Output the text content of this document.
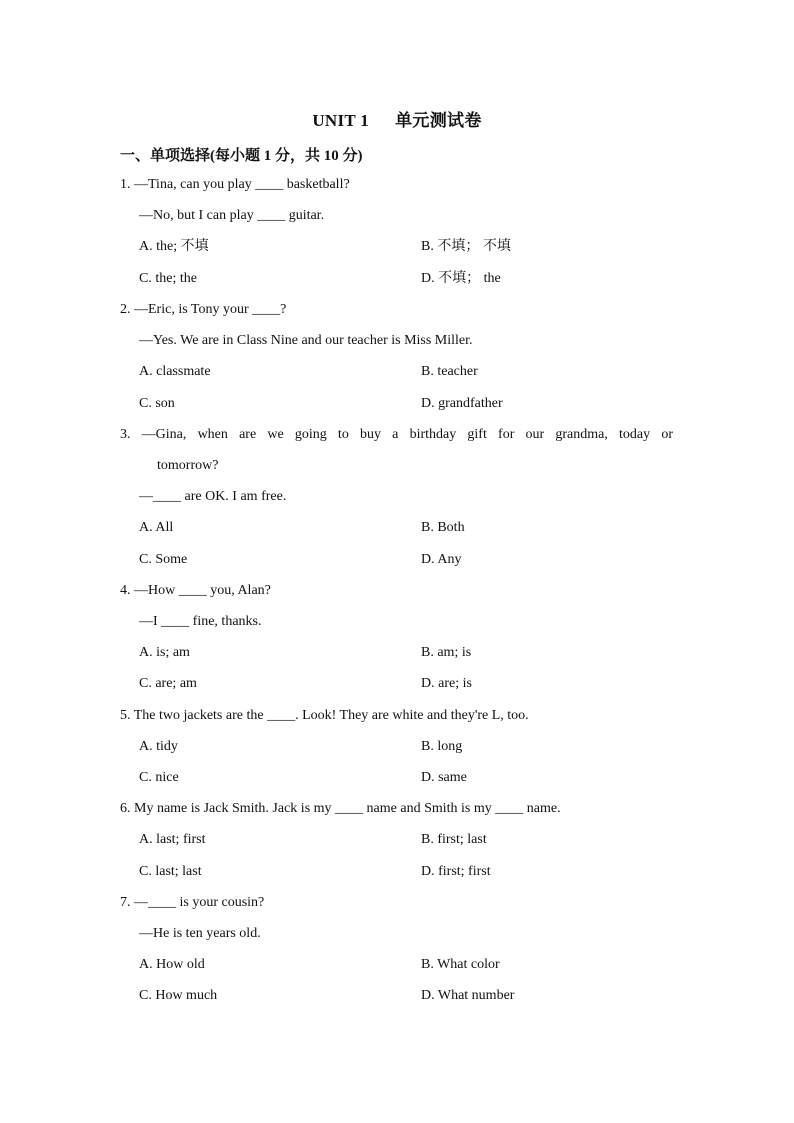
UNIT 1 单元测试卷
一、单项选择(每小题 1 分，共 10 分)
1. —Tina, can you play ____ basketball?
—No, but I can play ____ guitar.
A. the; 不填	B. 不填； 不填
C. the; the	D. 不填； the
2. —Eric, is Tony your ____?
—Yes. We are in Class Nine and our teacher is Miss Miller.
A. classmate	B. teacher
C. son	D. grandfather
3. —Gina, when are we going to buy a birthday gift for our grandma, today or
tomorrow?
—____ are OK. I am free.
A. All	B. Both
C. Some	D. Any
4. —How ____ you, Alan?
—I ____ fine, thanks.
A. is; am	B. am; is
C. are; am	D. are; is
5. The two jackets are the ____. Look! They are white and they're L, too.
A. tidy	B. long
C. nice	D. same
6. My name is Jack Smith. Jack is my ____ name and Smith is my ____ name.
A. last; first	B. first; last
C. last; last	D. first; first
7. —____ is your cousin?
—He is ten years old.
A. How old	B. What color
C. How much	D. What number
